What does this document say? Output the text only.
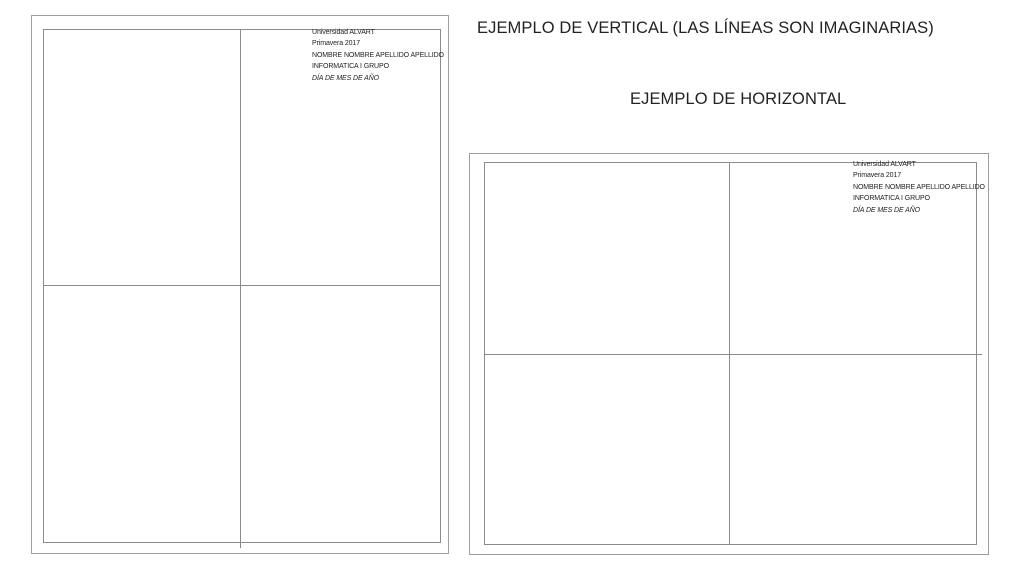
Universidad ALVART
Primavera 2017
NOMBRE NOMBRE APELLIDO APELLIDO
INFORMATICA I GRUPO
DÍA DE MES DE AÑO
EJEMPLO DE VERTICAL (LAS LÍNEAS SON IMAGINARIAS)
EJEMPLO DE HORIZONTAL
Universidad ALVART
Primavera 2017
NOMBRE NOMBRE APELLIDO APELLIDO
INFORMATICA I GRUPO
DÍA DE MES DE AÑO
